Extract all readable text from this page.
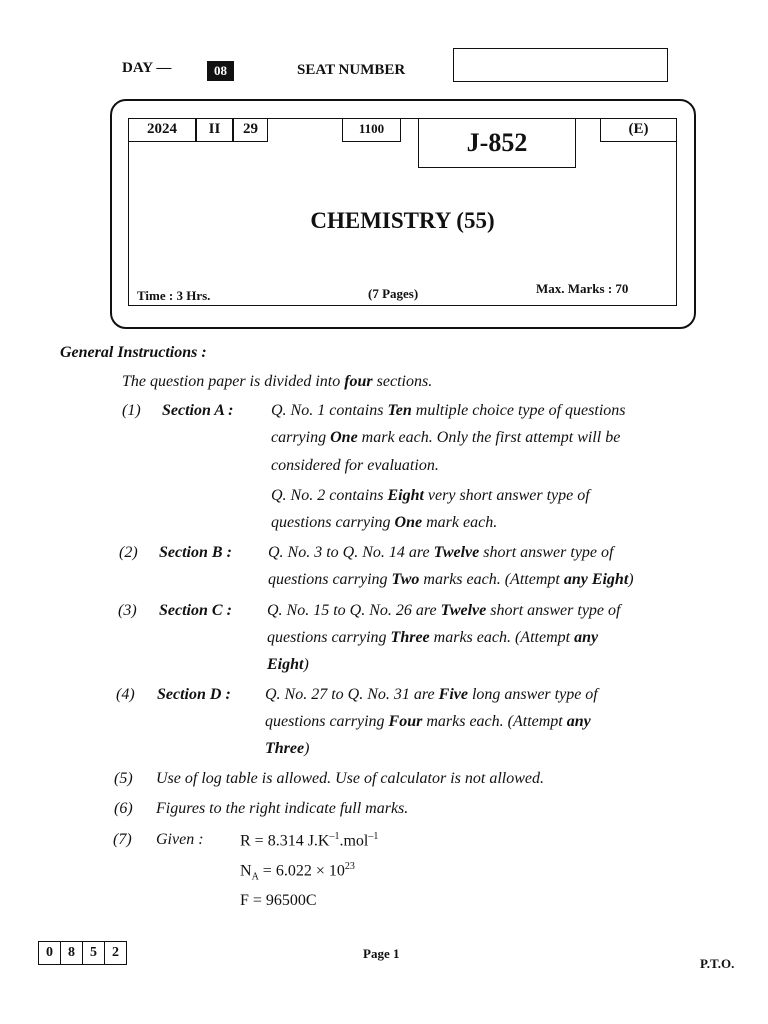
DAY —	08	SEAT NUMBER
2024	II	29	1100	J-852	(E)
CHEMISTRY (55)
Time : 3 Hrs.	(7 Pages)	Max. Marks : 70
General Instructions :
The question paper is divided into four sections.
(1) Section A : Q. No. 1 contains Ten multiple choice type of questions
carrying One mark each. Only the first attempt will be
considered for evaluation.
Q. No. 2 contains Eight very short answer type of
questions carrying One mark each.
(2) Section B : Q. No. 3 to Q. No. 14 are Twelve short answer type of
questions carrying Two marks each. (Attempt any Eight)
(3) Section C : Q. No. 15 to Q. No. 26 are Twelve short answer type of
questions carrying Three marks each. (Attempt any
Eight)
(4) Section D : Q. No. 27 to Q. No. 31 are Five long answer type of
questions carrying Four marks each. (Attempt any
Three)
(5) Use of log table is allowed. Use of calculator is not allowed.
(6) Figures to the right indicate full marks.
(7) Given : R = 8.314 $J.K^{-1}.mol^{-1}$
$N_A = 6.022 \times 10^{23}$
F = 96500C
0	8	5	2	Page 1
P.T.O.
